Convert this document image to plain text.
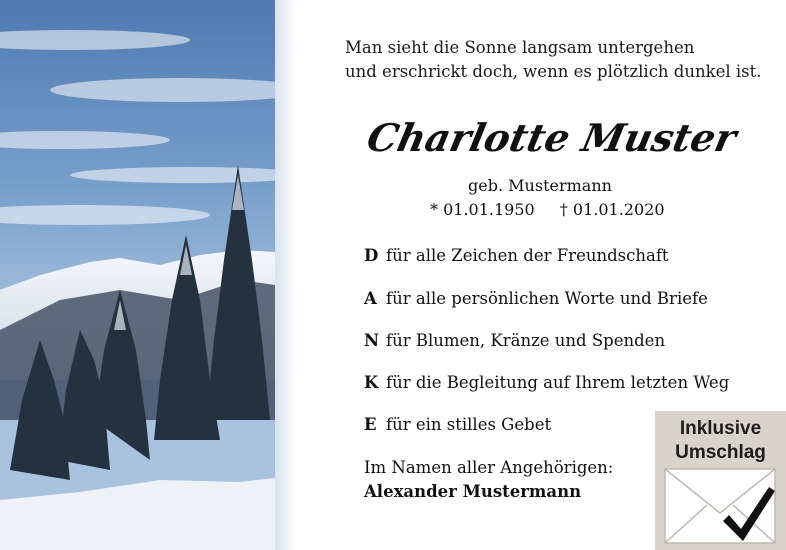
Man sieht die Sonne langsam untergehen
und erschrickt doch, wenn es plötzlich dunkel ist.
Charlotte Muster
geb. Mustermann
* 01.01.1950 † 01.01.2020
D für alle Zeichen der Freundschaft
A für alle persönlichen Worte und Briefe
N für Blumen, Kränze und Spenden
K für die Begleitung auf Ihrem letzten Weg
E für ein stilles Gebet
Im Namen aller Angehörigen:
Alexander Mustermann
Inklusive
Umschlag
